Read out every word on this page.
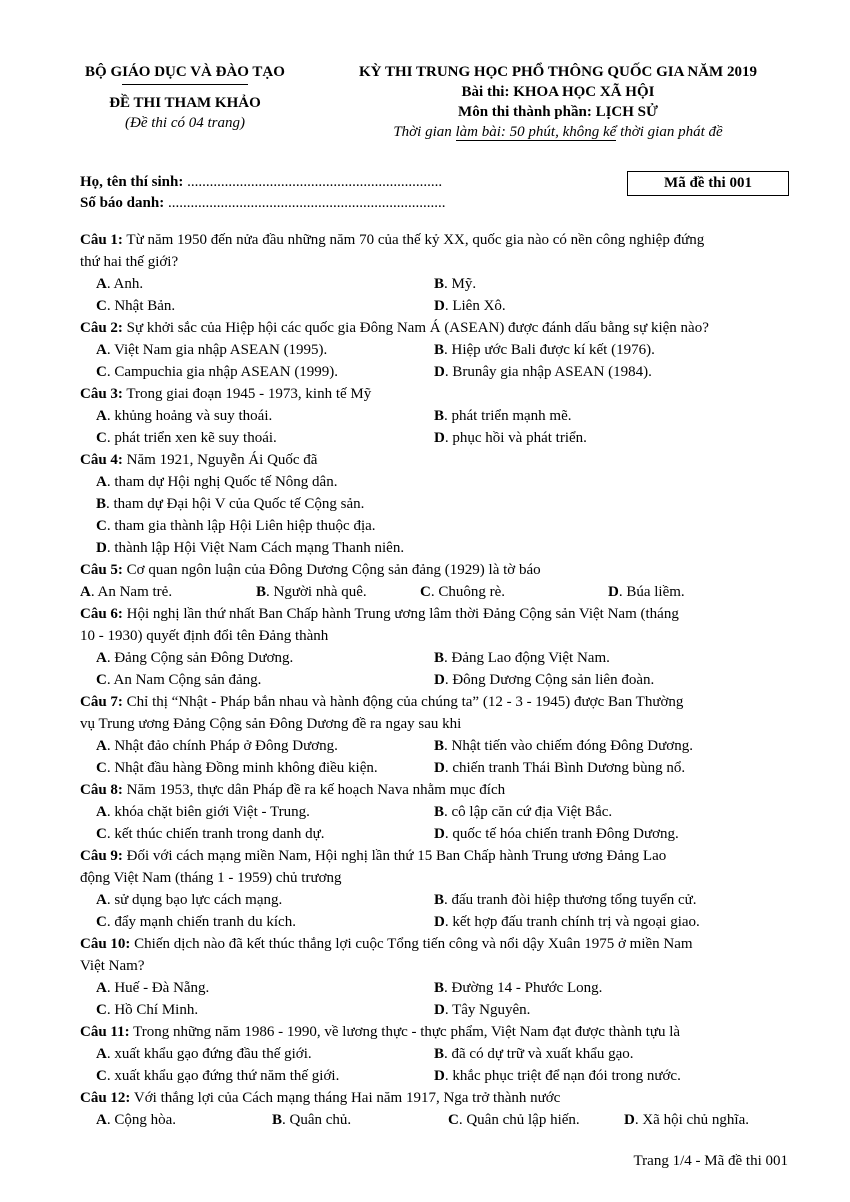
BỘ GIÁO DỤC VÀ ĐÀO TẠO
ĐỀ THI THAM KHẢO
(Đề thi có 04 trang)
KỲ THI TRUNG HỌC PHỔ THÔNG QUỐC GIA NĂM 2019
Bài thi: KHOA HỌC XÃ HỘI
Môn thi thành phần: LỊCH SỬ
Thời gian làm bài: 50 phút, không kể thời gian phát đề
Họ, tên thí sinh: ....................................................................
Số báo danh: ..........................................................................
Mã đề thi 001
Câu 1: Từ năm 1950 đến nửa đầu những năm 70 của thế kỷ XX, quốc gia nào có nền công nghiệp đứng
thứ hai thế giới?
A. Anh.	B. Mỹ.
C. Nhật Bản.	D. Liên Xô.
Câu 2: Sự khởi sắc của Hiệp hội các quốc gia Đông Nam Á (ASEAN) được đánh dấu bằng sự kiện nào?
A. Việt Nam gia nhập ASEAN (1995).	B. Hiệp ước Bali được kí kết (1976).
C. Campuchia gia nhập ASEAN (1999).	D. Brunây gia nhập ASEAN (1984).
Câu 3: Trong giai đoạn 1945 - 1973, kinh tế Mỹ
A. khủng hoảng và suy thoái.	B. phát triển mạnh mẽ.
C. phát triển xen kẽ suy thoái.	D. phục hồi và phát triển.
Câu 4: Năm 1921, Nguyễn Ái Quốc đã
A. tham dự Hội nghị Quốc tế Nông dân.
B. tham dự Đại hội V của Quốc tế Cộng sản.
C. tham gia thành lập Hội Liên hiệp thuộc địa.
D. thành lập Hội Việt Nam Cách mạng Thanh niên.
Câu 5: Cơ quan ngôn luận của Đông Dương Cộng sản đảng (1929) là tờ báo
A. An Nam trẻ.	B. Người nhà quê.	C. Chuông rè.	D. Búa liềm.
Câu 6: Hội nghị lần thứ nhất Ban Chấp hành Trung ương lâm thời Đảng Cộng sản Việt Nam (tháng
10 - 1930) quyết định đổi tên Đảng thành
A. Đảng Cộng sản Đông Dương.	B. Đảng Lao động Việt Nam.
C. An Nam Cộng sản đảng.	D. Đông Dương Cộng sản liên đoàn.
Câu 7: Chỉ thị “Nhật - Pháp bắn nhau và hành động của chúng ta” (12 - 3 - 1945) được Ban Thường
vụ Trung ương Đảng Cộng sản Đông Dương đề ra ngay sau khi
A. Nhật đảo chính Pháp ở Đông Dương.	B. Nhật tiến vào chiếm đóng Đông Dương.
C. Nhật đầu hàng Đồng minh không điều kiện.	D. chiến tranh Thái Bình Dương bùng nổ.
Câu 8: Năm 1953, thực dân Pháp đề ra kế hoạch Nava nhằm mục đích
A. khóa chặt biên giới Việt - Trung.	B. cô lập căn cứ địa Việt Bắc.
C. kết thúc chiến tranh trong danh dự.	D. quốc tế hóa chiến tranh Đông Dương.
Câu 9: Đối với cách mạng miền Nam, Hội nghị lần thứ 15 Ban Chấp hành Trung ương Đảng Lao
động Việt Nam (tháng 1 - 1959) chủ trương
A. sử dụng bạo lực cách mạng.	B. đấu tranh đòi hiệp thương tổng tuyển cử.
C. đẩy mạnh chiến tranh du kích.	D. kết hợp đấu tranh chính trị và ngoại giao.
Câu 10: Chiến dịch nào đã kết thúc thắng lợi cuộc Tổng tiến công và nổi dậy Xuân 1975 ở miền Nam
Việt Nam?
A. Huế - Đà Nẵng.	B. Đường 14 - Phước Long.
C. Hồ Chí Minh.	D. Tây Nguyên.
Câu 11: Trong những năm 1986 - 1990, về lương thực - thực phẩm, Việt Nam đạt được thành tựu là
A. xuất khẩu gạo đứng đầu thế giới.	B. đã có dự trữ và xuất khẩu gạo.
C. xuất khẩu gạo đứng thứ năm thế giới.	D. khắc phục triệt để nạn đói trong nước.
Câu 12: Với thắng lợi của Cách mạng tháng Hai năm 1917, Nga trở thành nước
A. Cộng hòa.	B. Quân chủ.	C. Quân chủ lập hiến.	D. Xã hội chủ nghĩa.
Trang 1/4 - Mã đề thi 001
